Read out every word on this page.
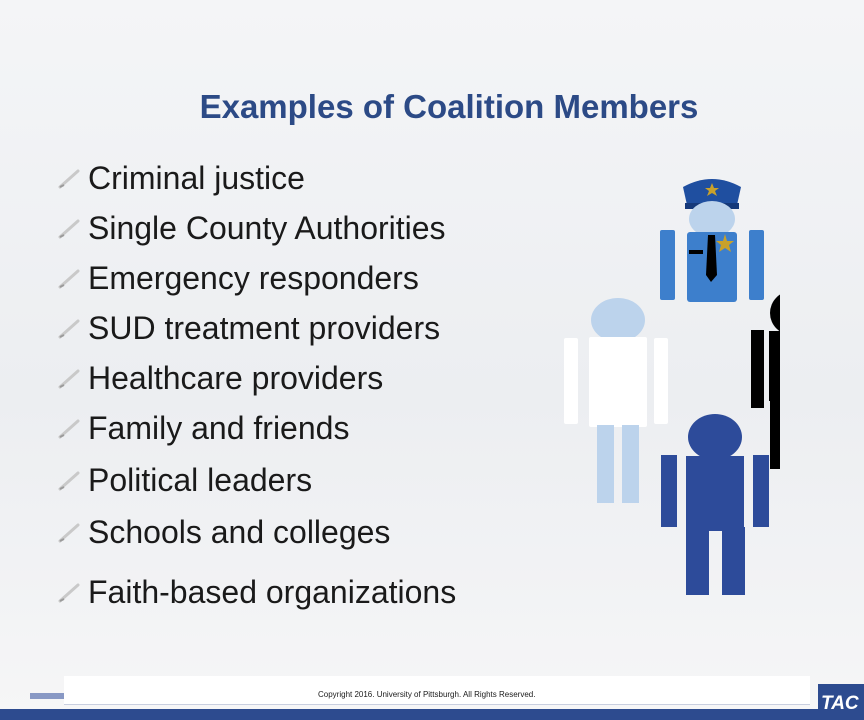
Examples of Coalition Members
Criminal justice
Single County Authorities
Emergency responders
SUD treatment providers
Healthcare providers
Family and friends
Political leaders
Schools and colleges
Faith-based organizations

Copyright 2016. University of Pittsburgh. All Rights Reserved.	TAC
